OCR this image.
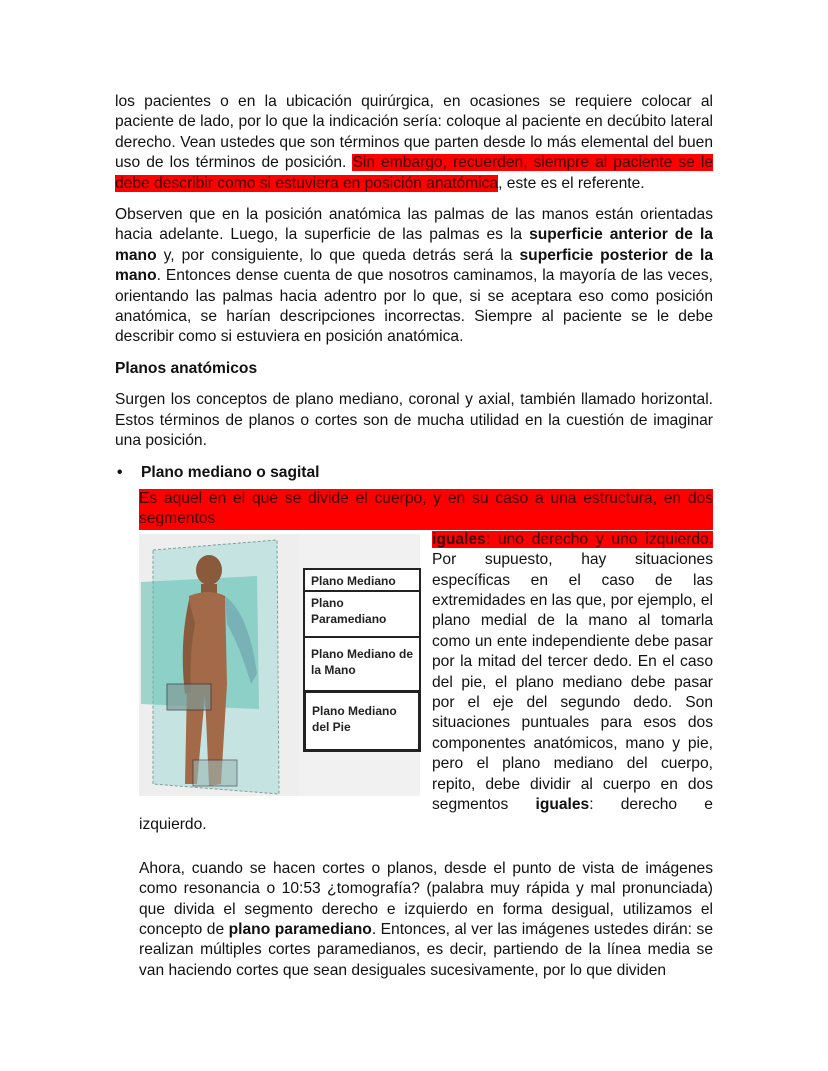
los pacientes o en la ubicación quirúrgica, en ocasiones se requiere colocar al paciente de lado, por lo que la indicación sería: coloque al paciente en decúbito lateral derecho. Vean ustedes que son términos que parten desde lo más elemental del buen uso de los términos de posición. Sin embargo, recuerden, siempre al paciente se le debe describir como si estuviera en posición anatómica, este es el referente.

Observen que en la posición anatómica las palmas de las manos están orientadas hacia adelante. Luego, la superficie de las palmas es la superficie anterior de la mano y, por consiguiente, lo que queda detrás será la superficie posterior de la mano. Entonces dense cuenta de que nosotros caminamos, la mayoría de las veces, orientando las palmas hacia adentro por lo que, si se aceptara eso como posición anatómica, se harían descripciones incorrectas. Siempre al paciente se le debe describir como si estuviera en posición anatómica.

Planos anatómicos

Surgen los conceptos de plano mediano, coronal y axial, también llamado horizontal. Estos términos de planos o cortes son de mucha utilidad en la cuestión de imaginar una posición.

•	Plano mediano o sagital

Es aquel en el que se divide el cuerpo, y en su caso a una estructura, en dos segmentos

Plano Mediano
Plano Paramediano
Plano Mediano de la Mano
Plano Mediano del Pie

iguales: uno derecho y uno izquierdo. Por supuesto, hay situaciones específicas en el caso de las extremidades en las que, por ejemplo, el plano medial de la mano al tomarla como un ente independiente debe pasar por la mitad del tercer dedo. En el caso del pie, el plano mediano debe pasar por el eje del segundo dedo. Son situaciones puntuales para esos dos componentes anatómicos, mano y pie, pero el plano mediano del cuerpo, repito, debe dividir al cuerpo en dos segmentos iguales: derecho e izquierdo.

Ahora, cuando se hacen cortes o planos, desde el punto de vista de imágenes como resonancia o 10:53 ¿tomografía? (palabra muy rápida y mal pronunciada) que divida el segmento derecho e izquierdo en forma desigual, utilizamos el concepto de plano paramediano. Entonces, al ver las imágenes ustedes dirán: se realizan múltiples cortes paramedianos, es decir, partiendo de la línea media se van haciendo cortes que sean desiguales sucesivamente, por lo que dividen
